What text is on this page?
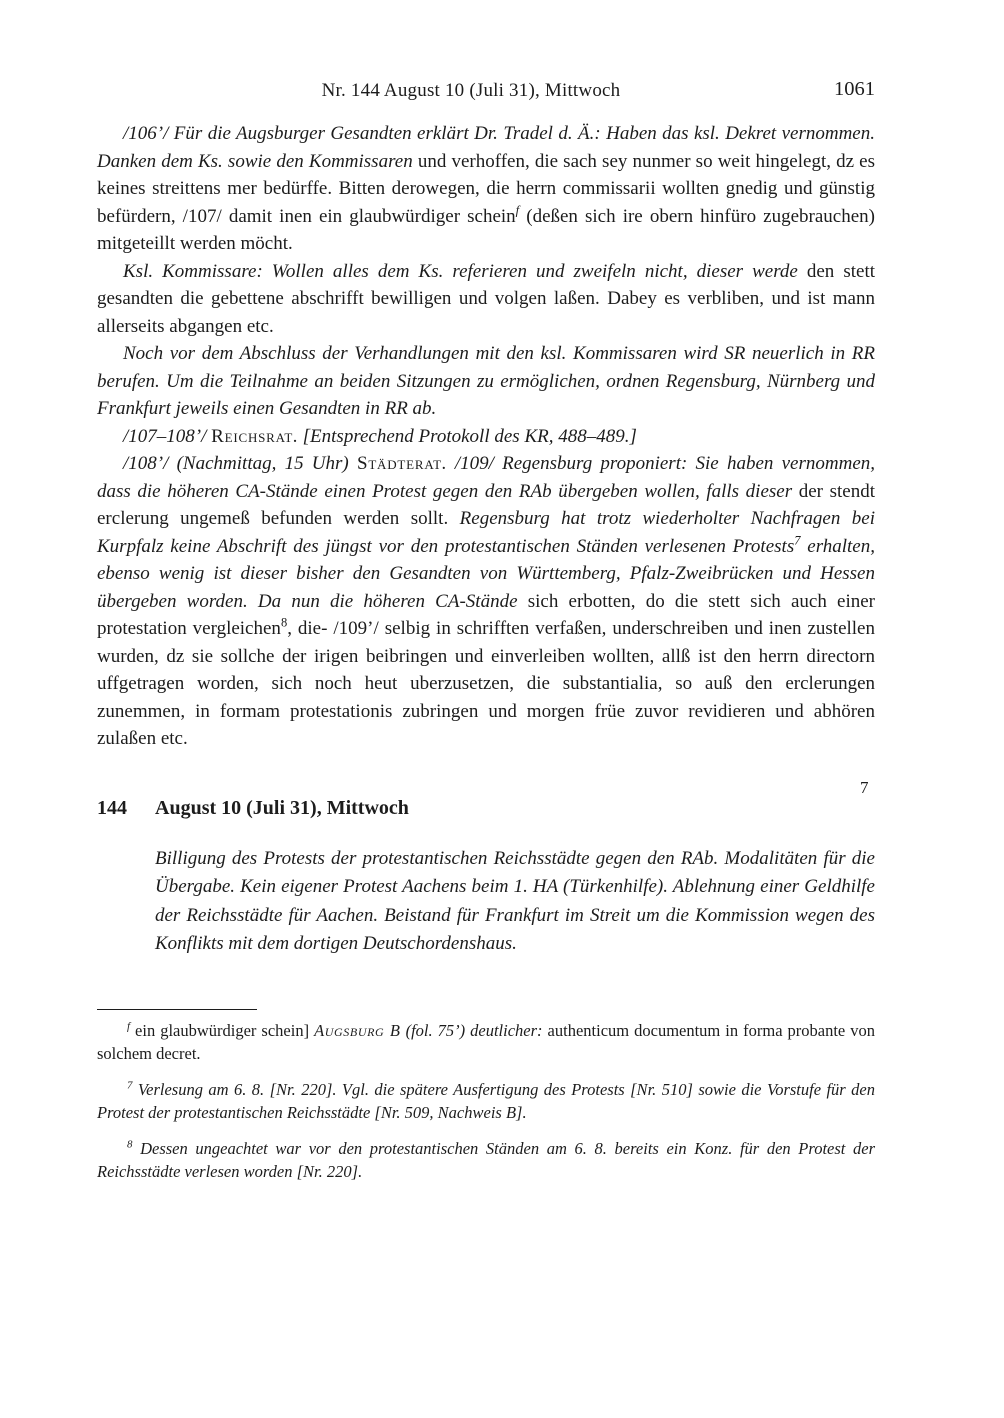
Nr. 144 August 10 (Juli 31), Mittwoch	1061

/106’/ Für die Augsburger Gesandten erklärt Dr. Tradel d. Ä.: Haben das ksl. Dekret vernommen. Danken dem Ks. sowie den Kommissaren und verhoffen, die sach sey nunmer so weit hingelegt, dz es keines streittens mer bedürffe. Bitten derowegen, die herrn commissarii wollten gnedig und günstig befürdern, /107/ damit inen ein glaubwürdiger schein$^f$ (deßen sich ire obern hinfüro zugebrauchen) mitgeteillt werden möcht.

Ksl. Kommissare: Wollen alles dem Ks. referieren und zweifeln nicht, dieser werde den stett gesandten die gebettene abschrifft bewilligen und volgen laßen. Dabey es verbliben, und ist mann allerseits abgangen etc.

Noch vor dem Abschluss der Verhandlungen mit den ksl. Kommissaren wird SR neuerlich in RR berufen. Um die Teilnahme an beiden Sitzungen zu ermöglichen, ordnen Regensburg, Nürnberg und Frankfurt jeweils einen Gesandten in RR ab.

/107–108’/ Reichsrat. [Entsprechend Protokoll des KR, 488–489.]

/108’/ (Nachmittag, 15 Uhr) Städterat. /109/ Regensburg proponiert: Sie haben vernommen, dass die höheren CA-Stände einen Protest gegen den RAb übergeben wollen, falls dieser der stendt erclerung ungemeß befunden werden sollt. Regensburg hat trotz wiederholter Nachfragen bei Kurpfalz keine Abschrift des jüngst vor den protestantischen Ständen verlesenen Protests$^7$ erhalten, ebenso wenig ist dieser bisher den Gesandten von Württemberg, Pfalz-Zweibrücken und Hessen übergeben worden. Da nun die höheren CA-Stände sich erbotten, do die stett sich auch einer protestation vergleichen$^8$, die- /109’/ selbig in schrifften verfaßen, underschreiben und inen zustellen wurden, dz sie sollche der irigen beibringen und einverleiben wollten, allß ist den herrn directorn uffgetragen worden, sich noch heut uberzusetzen, die substantialia, so auß den erclerungen zunemmen, in formam protestationis zubringen und morgen früe zuvor revidieren und abhören zulaßen etc.

7
144	August 10 (Juli 31), Mittwoch

Billigung des Protests der protestantischen Reichsstädte gegen den RAb. Modalitäten für die Übergabe. Kein eigener Protest Aachens beim 1. HA (Türkenhilfe). Ablehnung einer Geldhilfe der Reichsstädte für Aachen. Beistand für Frankfurt im Streit um die Kommission wegen des Konflikts mit dem dortigen Deutschordenshaus.

$^f$ ein glaubwürdiger schein] Augsburg B (fol. 75’) deutlicher: authenticum documentum in forma probante von solchem decret.

$^7$ Verlesung am 6. 8. [Nr. 220]. Vgl. die spätere Ausfertigung des Protests [Nr. 510] sowie die Vorstufe für den Protest der protestantischen Reichsstädte [Nr. 509, Nachweis B].

$^8$ Dessen ungeachtet war vor den protestantischen Ständen am 6. 8. bereits ein Konz. für den Protest der Reichsstädte verlesen worden [Nr. 220].
